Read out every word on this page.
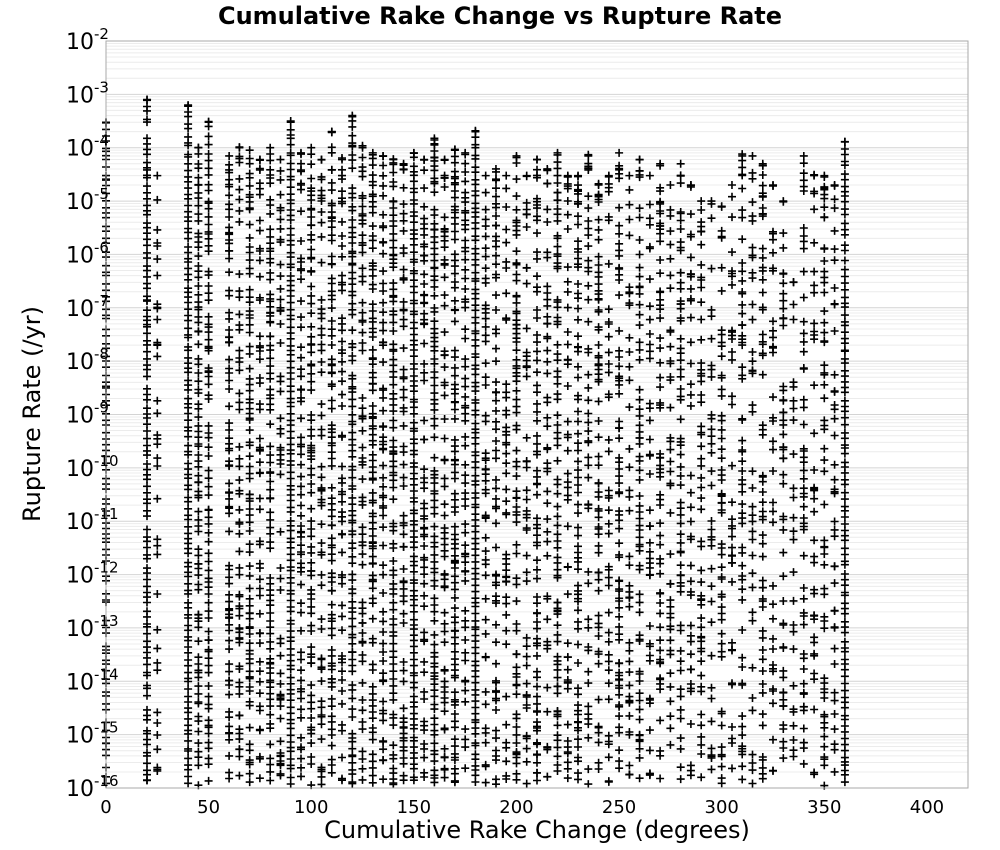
Cumulative Rake Change vs Rupture Rate
Cumulative Rake Change (degrees)
Rupture Rate (/yr)
0	50	100	150	200	250	300	350	400
$10^{-2}$
$10^{-3}$
$10^{-4}$
$10^{-5}$
$10^{-6}$
$10^{-7}$
$10^{-8}$
$10^{-9}$
$10^{-10}$
$10^{-11}$
$10^{-12}$
$10^{-13}$
$10^{-14}$
$10^{-15}$
$10^{-16}$
